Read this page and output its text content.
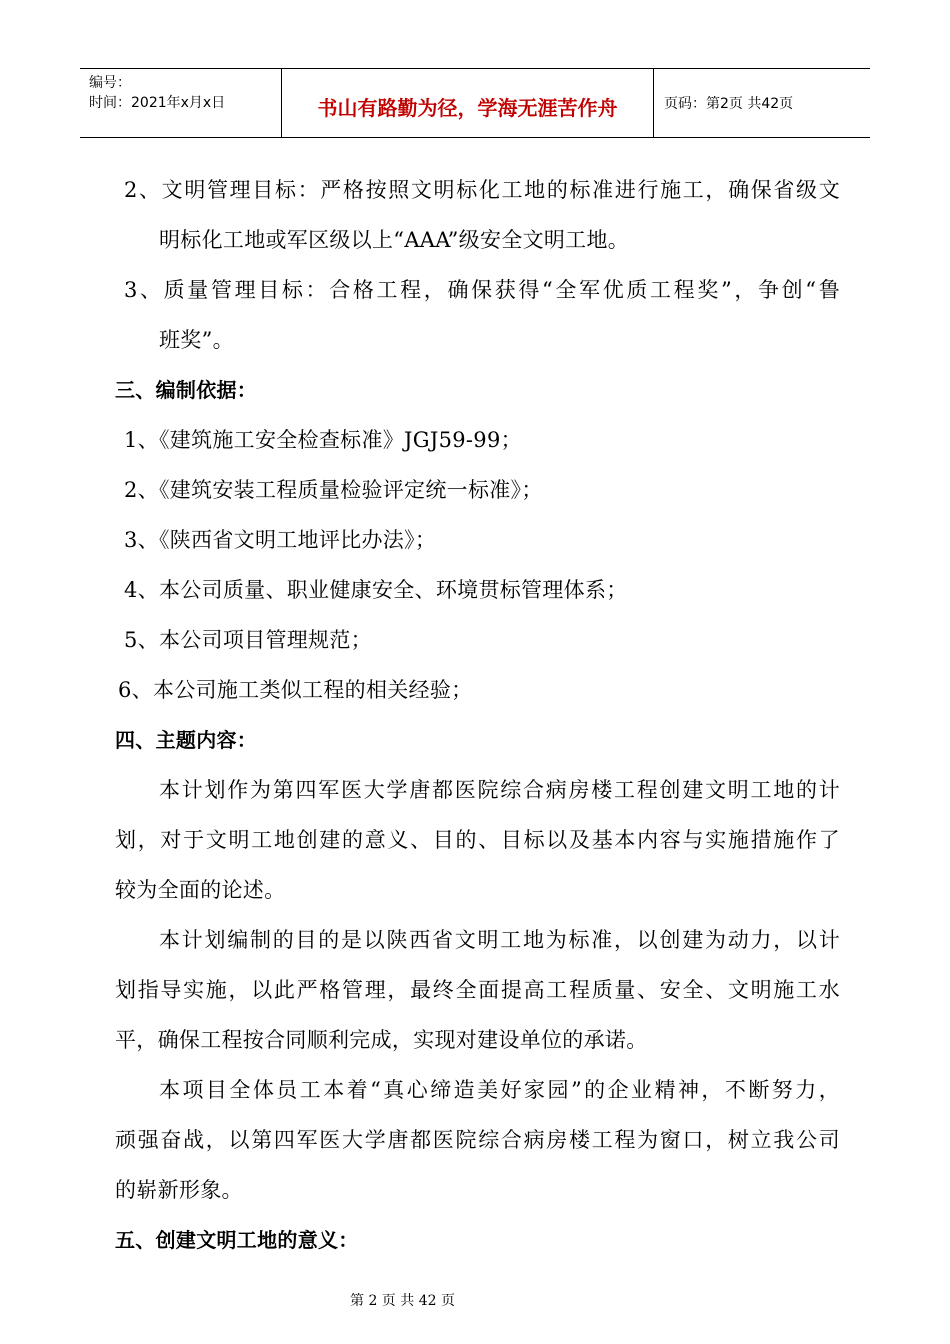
编号：
时间：2021年x月x日	书山有路勤为径，学海无涯苦作舟	页码：第2页 共42页
2、文明管理目标：严格按照文明标化工地的标准进行施工，确保省级文
明标化工地或军区级以上“AAA”级安全文明工地。
3、质量管理目标：合格工程，确保获得“全军优质工程奖”，争创“鲁
班奖”。
三、编制依据：
1、《建筑施工安全检查标准》JGJ59-99；
2、《建筑安装工程质量检验评定统一标准》；
3、《陕西省文明工地评比办法》；
4、本公司质量、职业健康安全、环境贯标管理体系；
5、本公司项目管理规范；
6、本公司施工类似工程的相关经验；
四、主题内容：
本计划作为第四军医大学唐都医院综合病房楼工程创建文明工地的计
划，对于文明工地创建的意义、目的、目标以及基本内容与实施措施作了
较为全面的论述。
本计划编制的目的是以陕西省文明工地为标准，以创建为动力，以计
划指导实施，以此严格管理，最终全面提高工程质量、安全、文明施工水
平，确保工程按合同顺利完成，实现对建设单位的承诺。
本项目全体员工本着“真心缔造美好家园”的企业精神，不断努力，
顽强奋战，以第四军医大学唐都医院综合病房楼工程为窗口，树立我公司
的崭新形象。
五、创建文明工地的意义：
第 2 页 共 42 页
